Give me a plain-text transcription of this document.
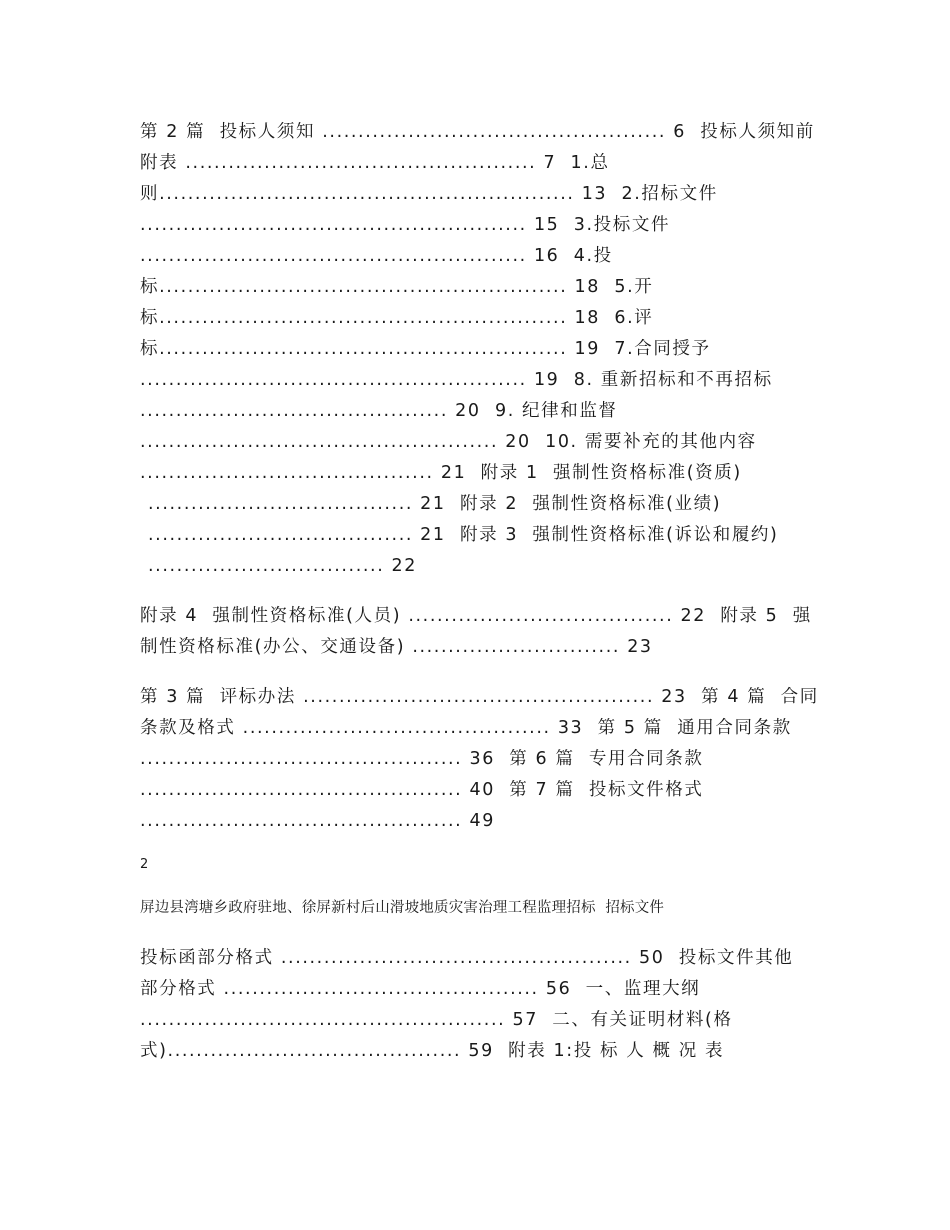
第 2 篇  投标人须知 ................................................ 6  投标人须知前
附表 ................................................. 7  1.总
则.......................................................... 13  2.招标文件
...................................................... 15  3.投标文件
...................................................... 16  4.投
标......................................................... 18  5.开
标......................................................... 18  6.评
标......................................................... 19  7.合同授予
...................................................... 19  8. 重新招标和不再招标
........................................... 20  9. 纪律和监督
.................................................. 20  10. 需要补充的其他内容
......................................... 21  附录 1  强制性资格标准(资质)
..................................... 21  附录 2  强制性资格标准(业绩)
..................................... 21  附录 3  强制性资格标准(诉讼和履约)
................................. 22
附录 4  强制性资格标准(人员) ..................................... 22  附录 5  强
制性资格标准(办公、交通设备) ............................. 23
第 3 篇  评标办法 ................................................. 23  第 4 篇  合同
条款及格式 ........................................... 33  第 5 篇  通用合同条款
............................................. 36  第 6 篇  专用合同条款
............................................. 40  第 7 篇  投标文件格式
............................................. 49
2
屏边县湾塘乡政府驻地、徐屏新村后山滑坡地质灾害治理工程监理招标  招标文件
投标函部分格式 ................................................. 50  投标文件其他
部分格式 ............................................ 56  一、监理大纲
................................................... 57  二、有关证明材料(格
式)......................................... 59  附表 1:投 标 人 概 况 表
